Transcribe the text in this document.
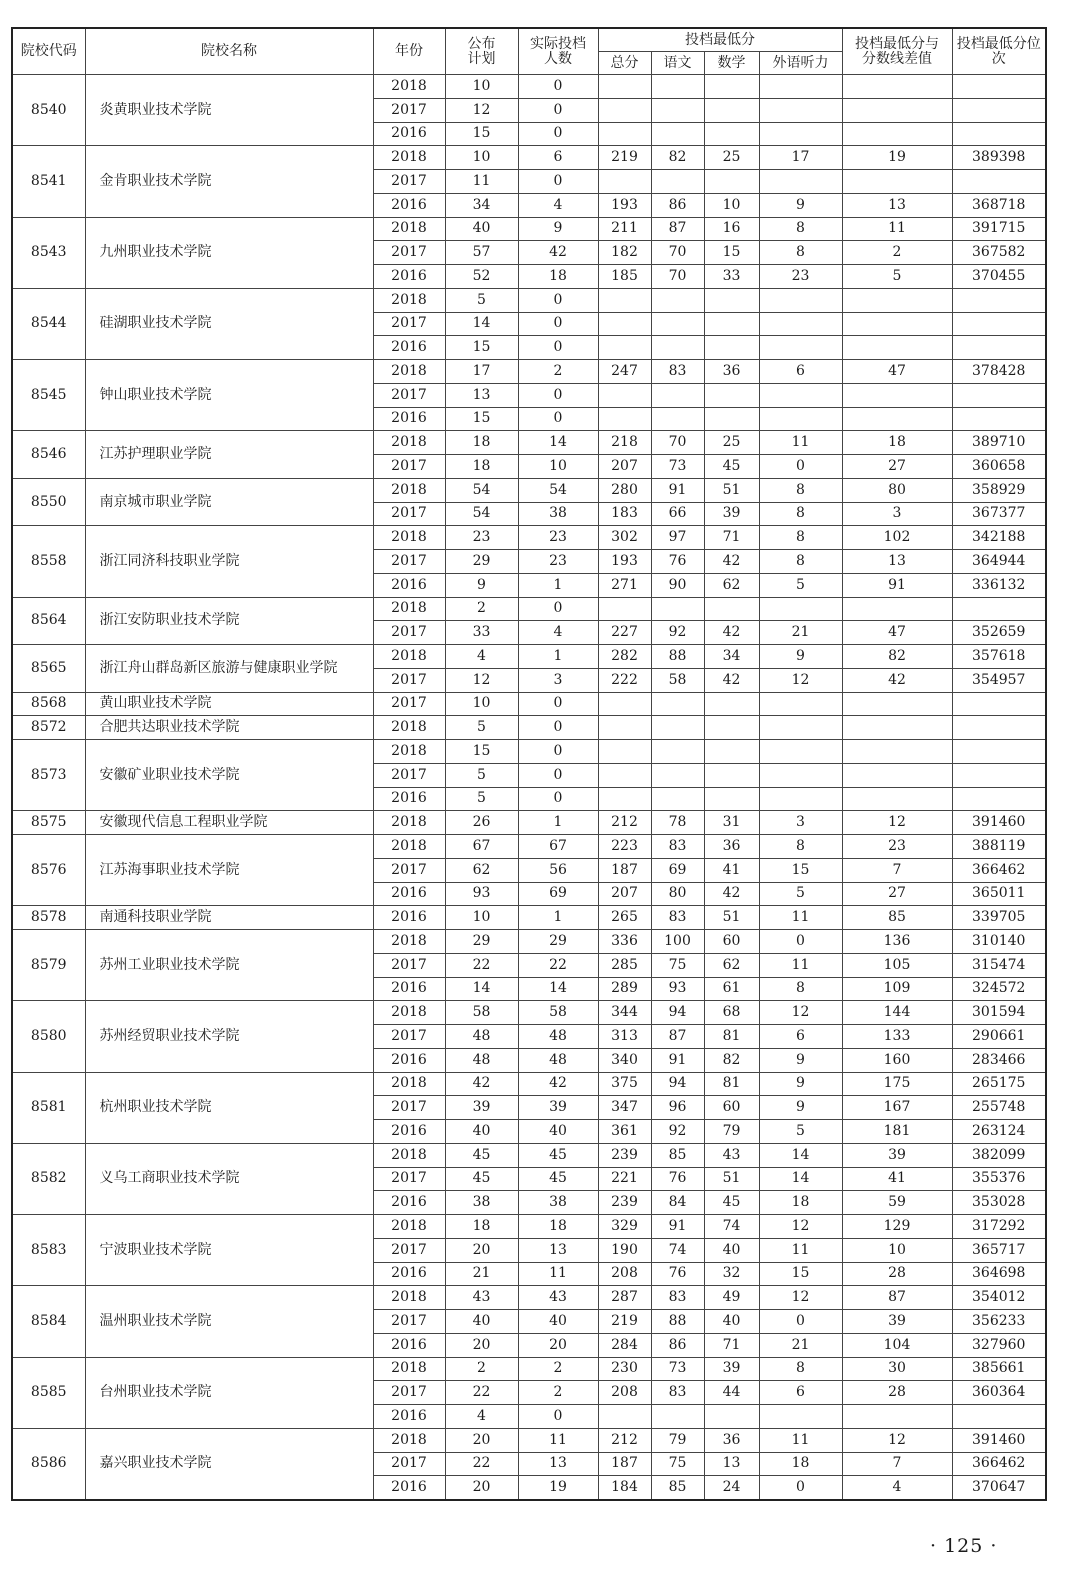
院校代码	院校名称	年份	公布计划	实际投档人数	投档最低分				投档最低分与分数线差值	投档最低分位次
					总分	语文	数学	外语听力		
8540	炎黄职业技术学院	2018	10	0						
		2017	12	0						
		2016	15	0						
8541	金肯职业技术学院	2018	10	6	219	82	25	17	19	389398
		2017	11	0						
		2016	34	4	193	86	10	9	13	368718
8543	九州职业技术学院	2018	40	9	211	87	16	8	11	391715
		2017	57	42	182	70	15	8	2	367582
		2016	52	18	185	70	33	23	5	370455
8544	硅湖职业技术学院	2018	5	0						
		2017	14	0						
		2016	15	0						
8545	钟山职业技术学院	2018	17	2	247	83	36	6	47	378428
		2017	13	0						
		2016	15	0						
8546	江苏护理职业学院	2018	18	14	218	70	25	11	18	389710
		2017	18	10	207	73	45	0	27	360658
8550	南京城市职业学院	2018	54	54	280	91	51	8	80	358929
		2017	54	38	183	66	39	8	3	367377
8558	浙江同济科技职业学院	2018	23	23	302	97	71	8	102	342188
		2017	29	23	193	76	42	8	13	364944
		2016	9	1	271	90	62	5	91	336132
8564	浙江安防职业技术学院	2018	2	0						
		2017	33	4	227	92	42	21	47	352659
8565	浙江舟山群岛新区旅游与健康职业学院	2018	4	1	282	88	34	9	82	357618
		2017	12	3	222	58	42	12	42	354957
8568	黄山职业技术学院	2017	10	0						
8572	合肥共达职业技术学院	2018	5	0						
8573	安徽矿业职业技术学院	2018	15	0						
		2017	5	0						
		2016	5	0						
8575	安徽现代信息工程职业学院	2018	26	1	212	78	31	3	12	391460
8576	江苏海事职业技术学院	2018	67	67	223	83	36	8	23	388119
		2017	62	56	187	69	41	15	7	366462
		2016	93	69	207	80	42	5	27	365011
8578	南通科技职业学院	2016	10	1	265	83	51	11	85	339705
8579	苏州工业职业技术学院	2018	29	29	336	100	60	0	136	310140
		2017	22	22	285	75	62	11	105	315474
		2016	14	14	289	93	61	8	109	324572
8580	苏州经贸职业技术学院	2018	58	58	344	94	68	12	144	301594
		2017	48	48	313	87	81	6	133	290661
		2016	48	48	340	91	82	9	160	283466
8581	杭州职业技术学院	2018	42	42	375	94	81	9	175	265175
		2017	39	39	347	96	60	9	167	255748
		2016	40	40	361	92	79	5	181	263124
8582	义乌工商职业技术学院	2018	45	45	239	85	43	14	39	382099
		2017	45	45	221	76	51	14	41	355376
		2016	38	38	239	84	45	18	59	353028
8583	宁波职业技术学院	2018	18	18	329	91	74	12	129	317292
		2017	20	13	190	74	40	11	10	365717
		2016	21	11	208	76	32	15	28	364698
8584	温州职业技术学院	2018	43	43	287	83	49	12	87	354012
		2017	40	40	219	88	40	0	39	356233
		2016	20	20	284	86	71	21	104	327960
8585	台州职业技术学院	2018	2	2	230	73	39	8	30	385661
		2017	22	2	208	83	44	6	28	360364
		2016	4	0						
8586	嘉兴职业技术学院	2018	20	11	212	79	36	11	12	391460
		2017	22	13	187	75	13	18	7	366462
		2016	20	19	184	85	24	0	4	370647
· 125 ·
